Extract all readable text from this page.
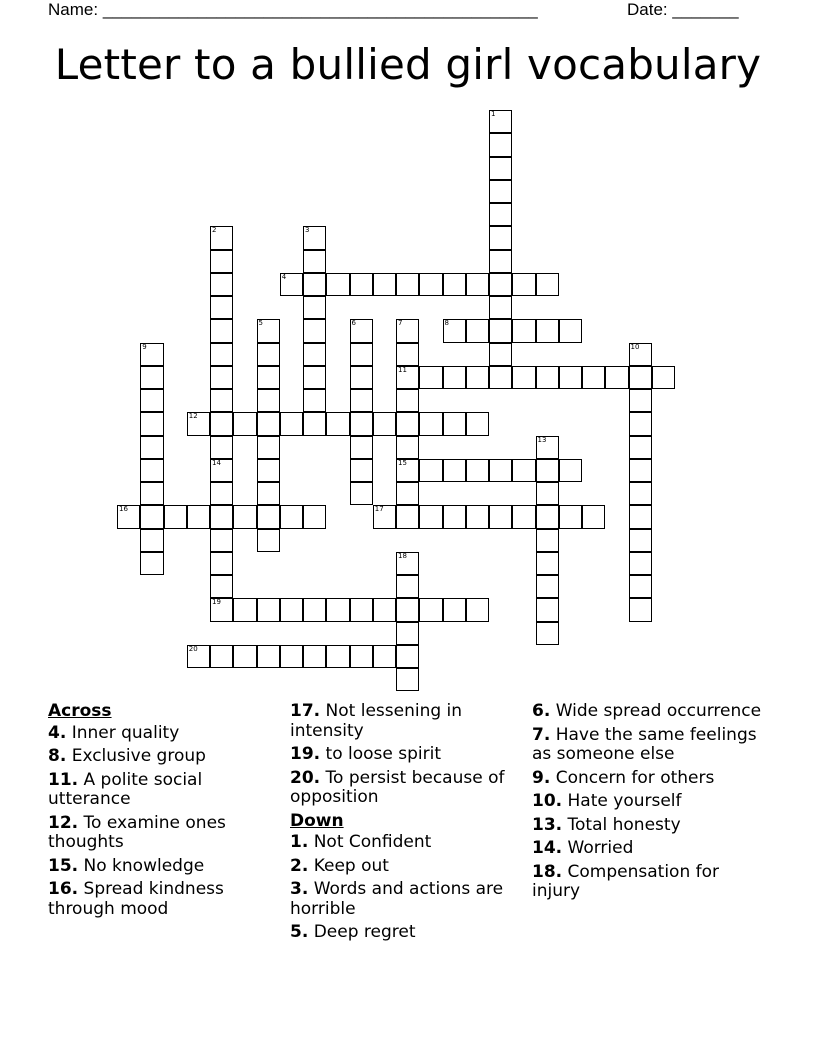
Name: ______________________________________________	Date: _______
Letter to a bullied girl vocabulary
1
2	3
4
5	6	7
11
15
8
9	10
12
13
14
19
16	17
18
20
Across
4. Inner quality
8. Exclusive group
11. A polite social utterance
12. To examine ones thoughts
15. No knowledge
16. Spread kindness through mood
17. Not lessening in intensity
19. to loose spirit
20. To persist because of opposition
Down
1. Not Confident
2. Keep out
3. Words and actions are horrible
5. Deep regret
6. Wide spread occurrence
7. Have the same feelings as someone else
9. Concern for others
10. Hate yourself
13. Total honesty
14. Worried
18. Compensation for injury
